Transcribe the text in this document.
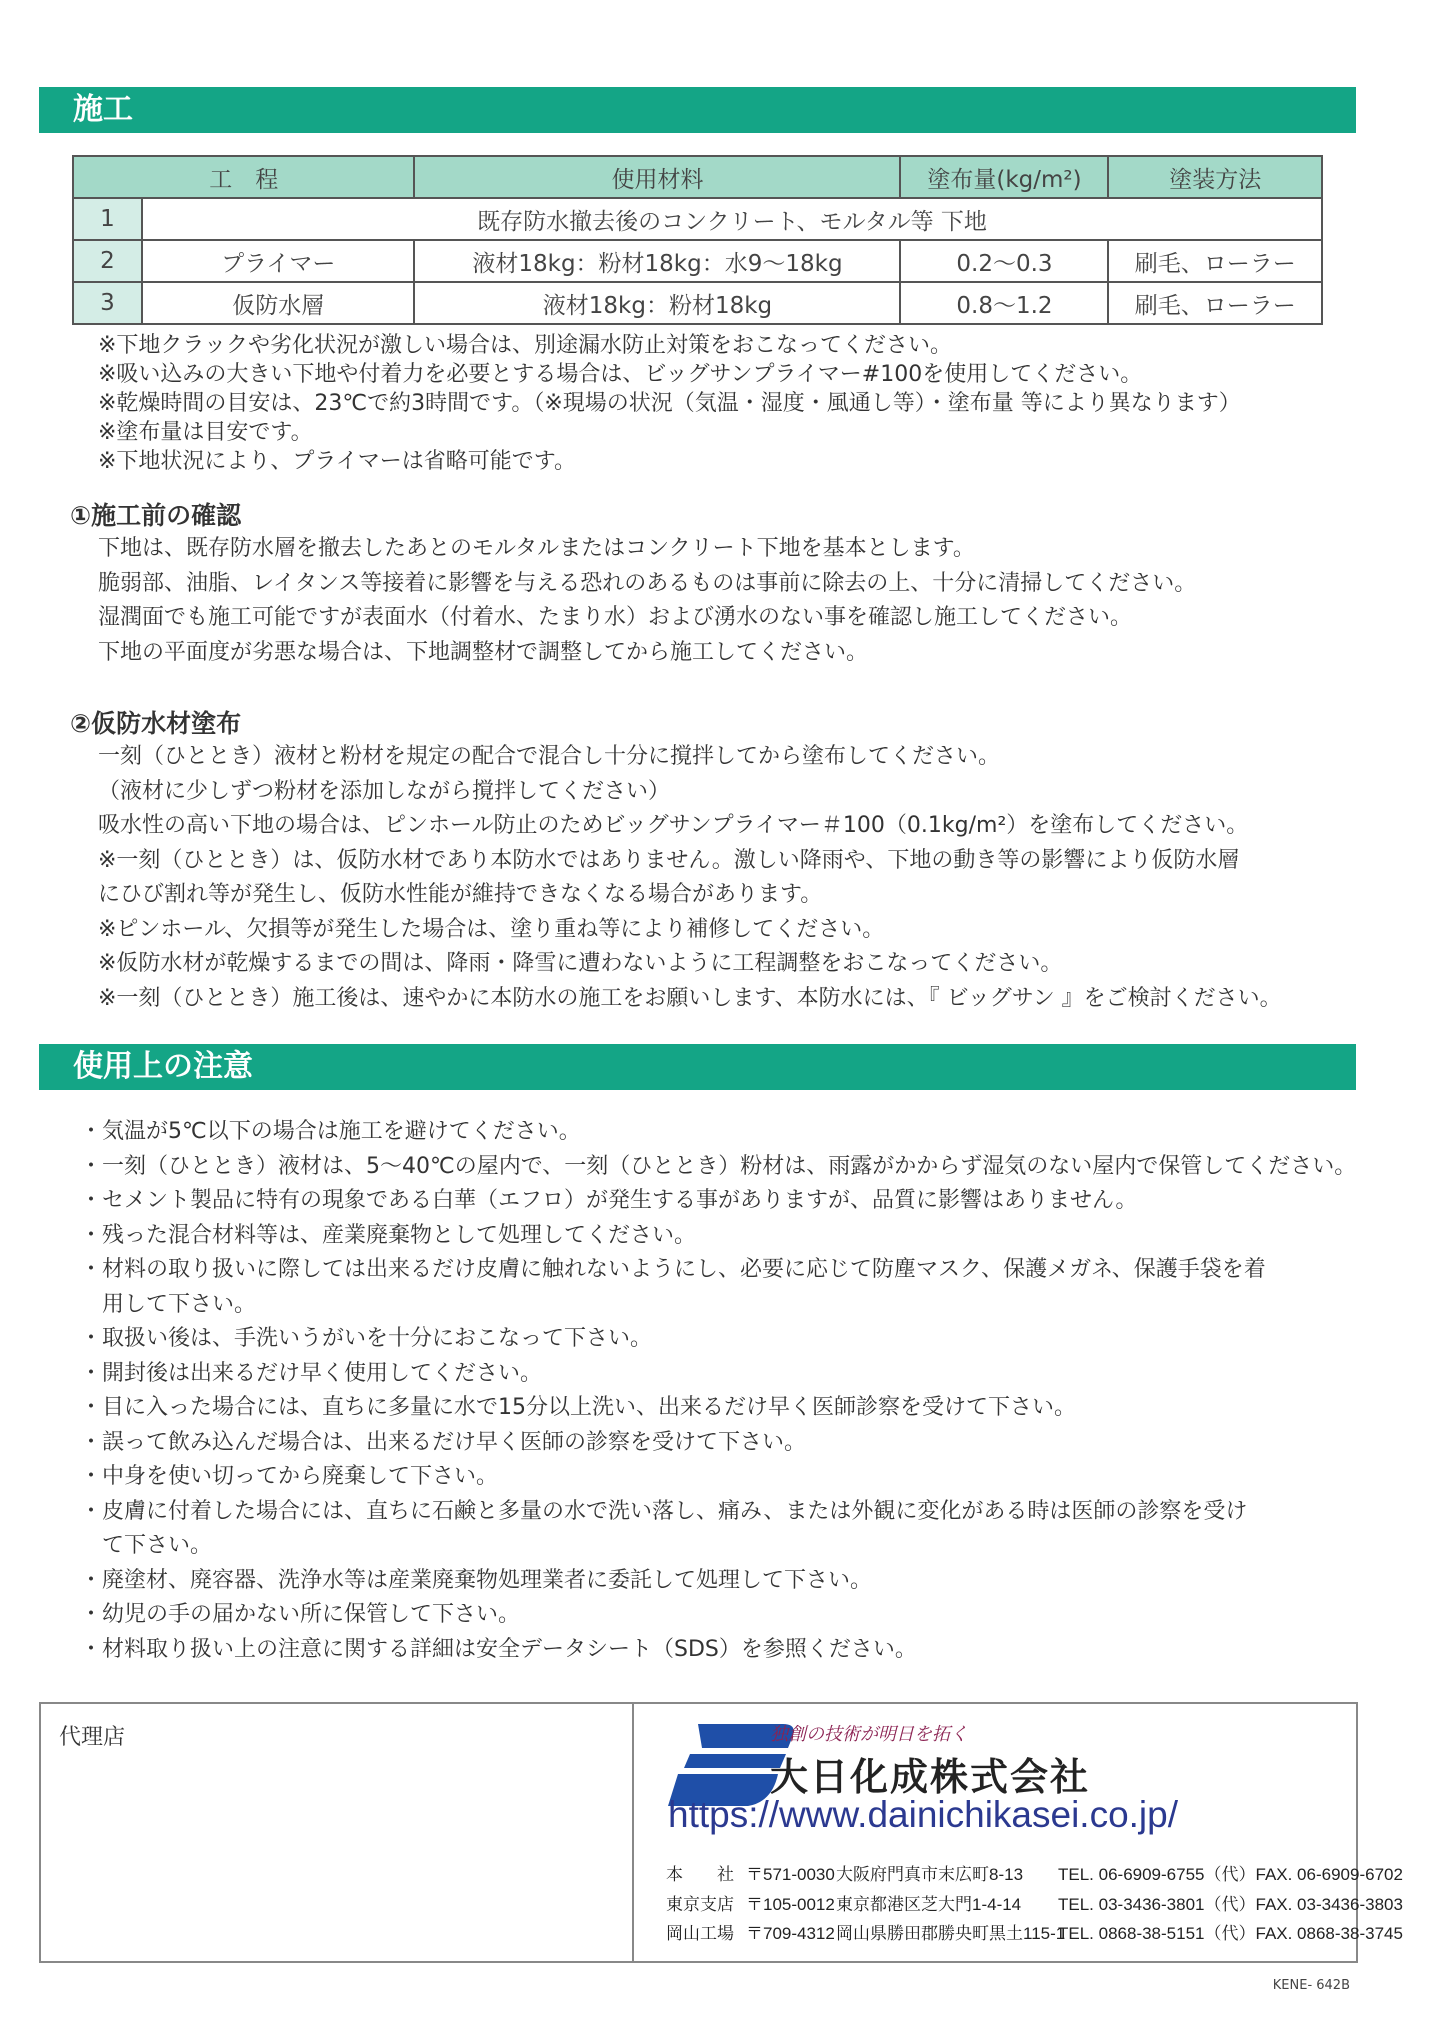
施工
工　程		使用材料	塗布量(kg/m²)	塗装方法
1	既存防水撤去後のコンクリート、モルタル等 下地			
2	プライマー	液材18kg：粉材18kg：水9〜18kg	0.2〜0.3	刷毛、ローラー
3	仮防水層	液材18kg：粉材18kg	0.8〜1.2	刷毛、ローラー
※下地クラックや劣化状況が激しい場合は、別途漏水防止対策をおこなってください。
※吸い込みの大きい下地や付着力を必要とする場合は、ビッグサンプライマー#100を使用してください。
※乾燥時間の目安は、23℃で約3時間です。（※現場の状況（気温・湿度・風通し等）・塗布量 等により異なります）
※塗布量は目安です。
※下地状況により、プライマーは省略可能です。
①施工前の確認
下地は、既存防水層を撤去したあとのモルタルまたはコンクリート下地を基本とします。
脆弱部、油脂、レイタンス等接着に影響を与える恐れのあるものは事前に除去の上、十分に清掃してください。
湿潤面でも施工可能ですが表面水（付着水、たまり水）および湧水のない事を確認し施工してください。
下地の平面度が劣悪な場合は、下地調整材で調整してから施工してください。
②仮防水材塗布
一刻（ひととき）液材と粉材を規定の配合で混合し十分に撹拌してから塗布してください。
（液材に少しずつ粉材を添加しながら撹拌してください）
吸水性の高い下地の場合は、ピンホール防止のためビッグサンプライマー＃100（0.1kg/m²）を塗布してください。
※一刻（ひととき）は、仮防水材であり本防水ではありません。激しい降雨や、下地の動き等の影響により仮防水層
にひび割れ等が発生し、仮防水性能が維持できなくなる場合があります。
※ピンホール、欠損等が発生した場合は、塗り重ね等により補修してください。
※仮防水材が乾燥するまでの間は、降雨・降雪に遭わないように工程調整をおこなってください。
※一刻（ひととき）施工後は、速やかに本防水の施工をお願いします、本防水には、『 ビッグサン 』をご検討ください。
使用上の注意
・気温が5℃以下の場合は施工を避けてください。
・一刻（ひととき）液材は、5〜40℃の屋内で、一刻（ひととき）粉材は、雨露がかからず湿気のない屋内で保管してください。
・セメント製品に特有の現象である白華（エフロ）が発生する事がありますが、品質に影響はありません。
・残った混合材料等は、産業廃棄物として処理してください。
・材料の取り扱いに際しては出来るだけ皮膚に触れないようにし、必要に応じて防塵マスク、保護メガネ、保護手袋を着
　用して下さい。
・取扱い後は、手洗いうがいを十分におこなって下さい。
・開封後は出来るだけ早く使用してください。
・目に入った場合には、直ちに多量に水で15分以上洗い、出来るだけ早く医師診察を受けて下さい。
・誤って飲み込んだ場合は、出来るだけ早く医師の診察を受けて下さい。
・中身を使い切ってから廃棄して下さい。
・皮膚に付着した場合には、直ちに石鹸と多量の水で洗い落し、痛み、または外観に変化がある時は医師の診察を受け
　て下さい。
・廃塗材、廃容器、洗浄水等は産業廃棄物処理業者に委託して処理して下さい。
・幼児の手の届かない所に保管して下さい。
・材料取り扱い上の注意に関する詳細は安全データシート（SDS）を参照ください。
代理店	独創の技術が明日を拓く
大日化成株式会社
https://www.dainichikasei.co.jp/
本　　社 〒571-0030大阪府門真市末広町8-13 TEL. 06-6909-6755（代）FAX. 06-6909-6702
東京支店 〒105-0012東京都港区芝大門1-4-14 TEL. 03-3436-3801（代）FAX. 03-3436-3803
岡山工場 〒709-4312岡山県勝田郡勝央町黒土115-1TEL. 0868-38-5151（代）FAX. 0868-38-3745
KENE- 642B
